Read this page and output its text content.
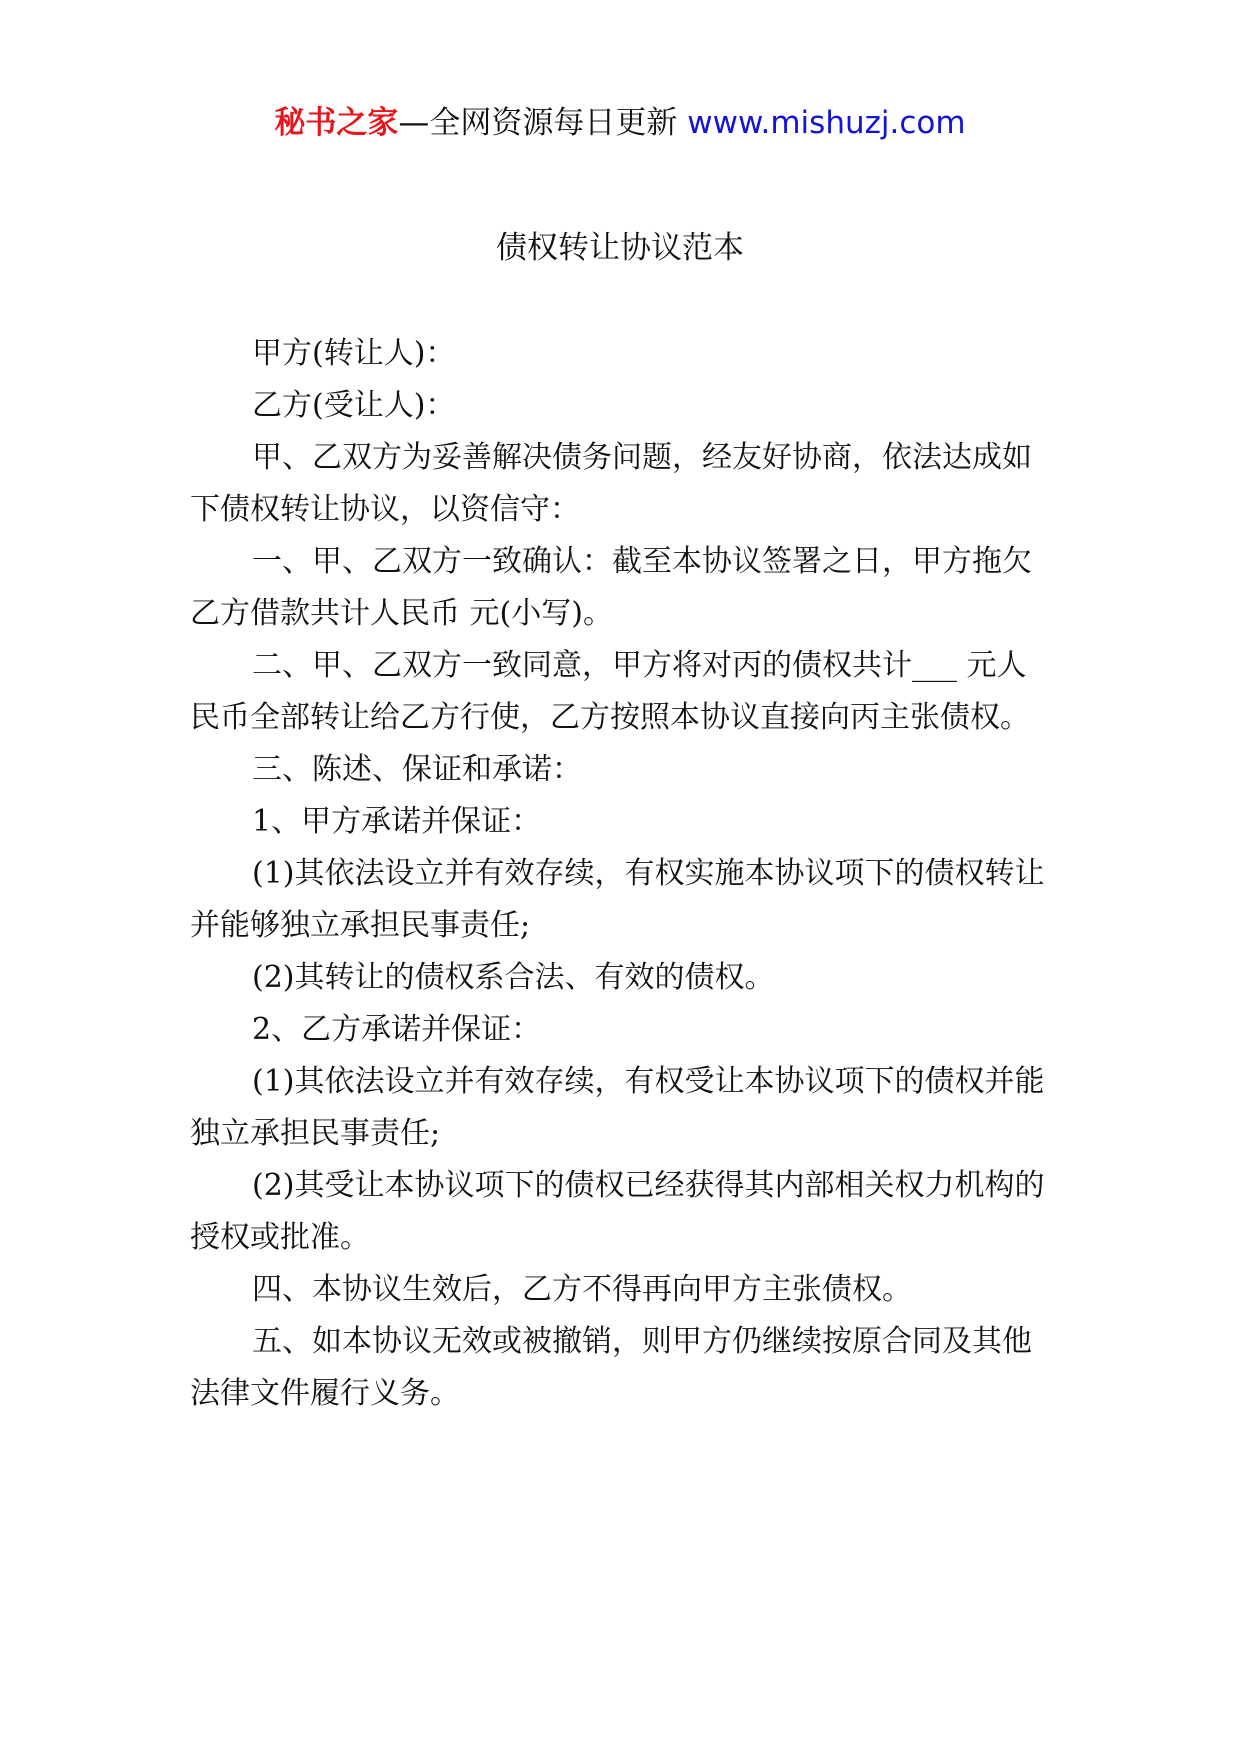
秘书之家—全网资源每日更新 www.mishuzj.com
债权转让协议范本

甲方(转让人)：

乙方(受让人)：

甲、乙双方为妥善解决债务问题，经友好协商，依法达成如下债权转让协议，以资信守：

一、甲、乙双方一致确认：截至本协议签署之日，甲方拖欠乙方借款共计人民币 元(小写)。

二、甲、乙双方一致同意，甲方将对丙的债权共计___ 元人民币全部转让给乙方行使，乙方按照本协议直接向丙主张债权。

三、陈述、保证和承诺：

1、甲方承诺并保证：

(1)其依法设立并有效存续，有权实施本协议项下的债权转让并能够独立承担民事责任;

(2)其转让的债权系合法、有效的债权。

2、乙方承诺并保证：

(1)其依法设立并有效存续，有权受让本协议项下的债权并能独立承担民事责任;

(2)其受让本协议项下的债权已经获得其内部相关权力机构的授权或批准。

四、本协议生效后，乙方不得再向甲方主张债权。

五、如本协议无效或被撤销，则甲方仍继续按原合同及其他法律文件履行义务。
